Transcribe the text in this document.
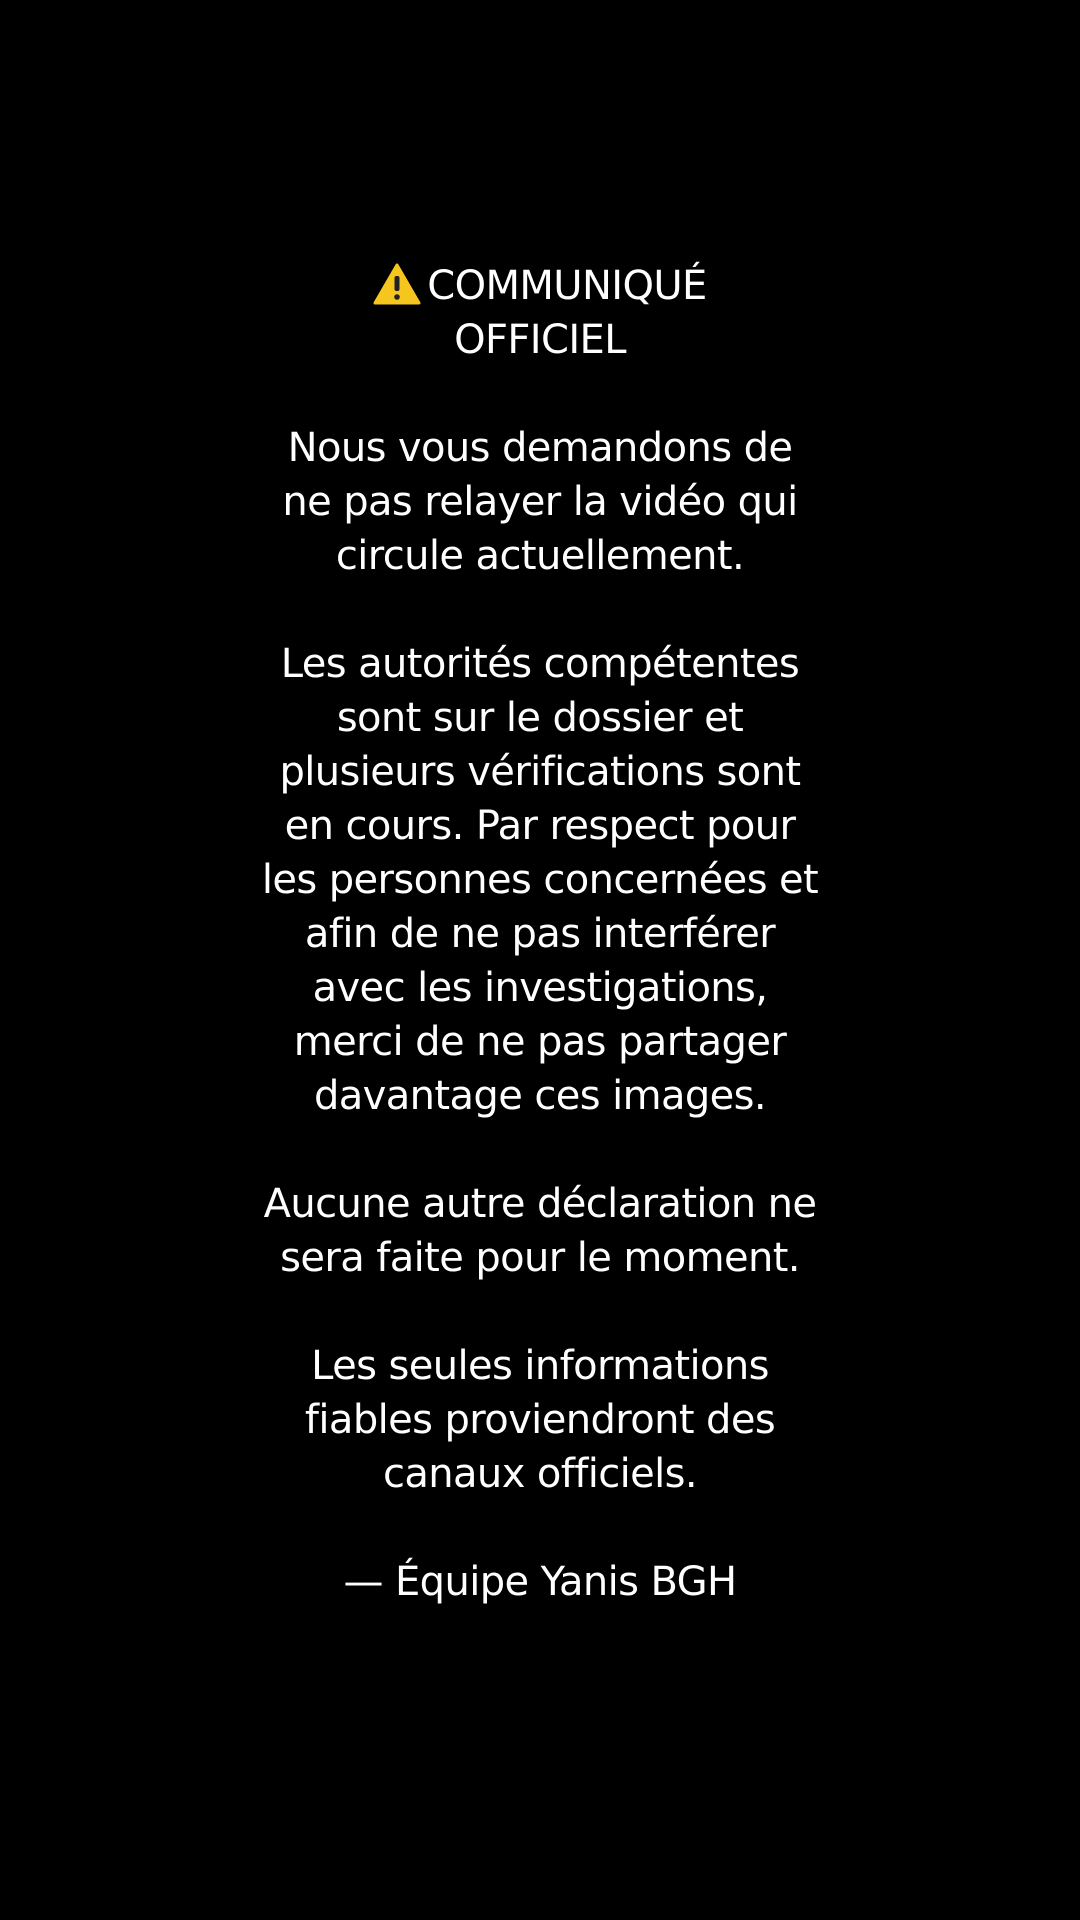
COMMUNIQUÉ
OFFICIEL
Nous vous demandons de ne pas relayer la vidéo qui circule actuellement.
Les autorités compétentes sont sur le dossier et plusieurs vérifications sont en cours. Par respect pour les personnes concernées et afin de ne pas interférer avec les investigations, merci de ne pas partager davantage ces images.
Aucune autre déclaration ne sera faite pour le moment.
Les seules informations fiables proviendront des canaux officiels.
— Équipe Yanis BGH
